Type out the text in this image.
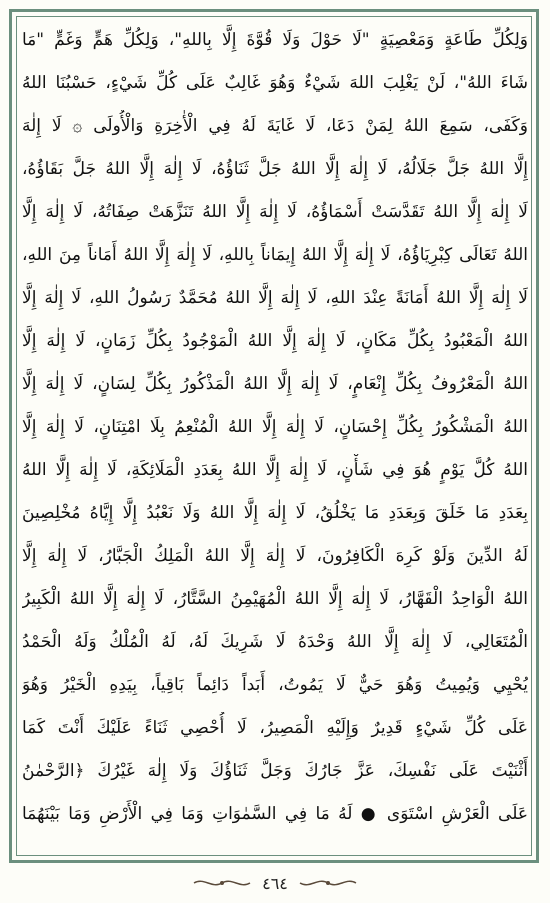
وَلِكُلِّ طَاعَةٍ وَمَعْصِيَةٍ "لَا حَوْلَ وَلَا قُوَّةَ إِلَّا بِاللهِ"، وَلِكُلِّ هَمٍّ وَغَمٍّ "مَا
شَاءَ اللهُ"، لَنْ يَغْلِبَ اللهَ شَيْءٌ وَهُوَ غَالِبٌ عَلَى كُلِّ شَيْءٍ، حَسْبُنَا اللهُ
وَكَفَى، سَمِعَ اللهُ لِمَنْ دَعَا، لَا غَايَةَ لَهُ فِي الْأٰخِرَةِ وَالْأُولَى ۞ لَا إِلٰهَ
إِلَّا اللهُ جَلَّ جَلَالُهُ، لَا إِلٰهَ إِلَّا اللهُ جَلَّ ثَنَاؤُهُ، لَا إِلٰهَ إِلَّا اللهُ جَلَّ بَقَاؤُهُ،
لَا إِلٰهَ إِلَّا اللهُ تَقَدَّسَتْ أَسْمَاؤُهُ، لَا إِلٰهَ إِلَّا اللهُ تَنَزَّهَتْ صِفَاتُهُ، لَا إِلٰهَ إِلَّا
اللهُ تَعَالَى كِبْرِيَاؤُهُ، لَا إِلٰهَ إِلَّا اللهُ إِيمَاناً بِاللهِ، لَا إِلٰهَ إِلَّا اللهُ أَمَاناً مِنَ اللهِ،
لَا إِلٰهَ إِلَّا اللهُ أَمَانَةً عِنْدَ اللهِ، لَا إِلٰهَ إِلَّا اللهُ مُحَمَّدٌ رَسُولُ اللهِ، لَا إِلٰهَ إِلَّا
اللهُ الْمَعْبُودُ بِكُلِّ مَكَانٍ، لَا إِلٰهَ إِلَّا اللهُ الْمَوْجُودُ بِكُلِّ زَمَانٍ، لَا إِلٰهَ إِلَّا
اللهُ الْمَعْرُوفُ بِكُلِّ إِنْعَامٍ، لَا إِلٰهَ إِلَّا اللهُ الْمَذْكُورُ بِكُلِّ لِسَانٍ، لَا إِلٰهَ إِلَّا
اللهُ الْمَشْكُورُ بِكُلِّ إِحْسَانٍ، لَا إِلٰهَ إِلَّا اللهُ الْمُنْعِمُ بِلَا امْتِنَانٍ، لَا إِلٰهَ إِلَّا
اللهُ كُلَّ يَوْمٍ هُوَ فِي شَأْنٍ، لَا إِلٰهَ إِلَّا اللهُ بِعَدَدِ الْمَلَائِكَةِ، لَا إِلٰهَ إِلَّا اللهُ
بِعَدَدِ مَا خَلَقَ وَبِعَدَدِ مَا يَخْلُقُ، لَا إِلٰهَ إِلَّا اللهُ وَلَا نَعْبُدُ إِلَّا إِيَّاهُ مُخْلِصِينَ
لَهُ الدِّينَ وَلَوْ كَرِهَ الْكَافِرُونَ، لَا إِلٰهَ إِلَّا اللهُ الْمَلِكُ الْجَبَّارُ، لَا إِلٰهَ إِلَّا
اللهُ الْوَاحِدُ الْقَهَّارُ، لَا إِلٰهَ إِلَّا اللهُ الْمُهَيْمِنُ السَّتَّارُ، لَا إِلٰهَ إِلَّا اللهُ الْكَبِيرُ
الْمُتَعَالِي، لَا إِلٰهَ إِلَّا اللهُ وَحْدَهُ لَا شَرِيكَ لَهُ، لَهُ الْمُلْكُ وَلَهُ الْحَمْدُ
يُحْيِي وَيُمِيتُ وَهُوَ حَيٌّ لَا يَمُوتُ، أَبَداً دَائِماً بَاقِياً، بِيَدِهِ الْخَيْرُ وَهُوَ
عَلَى كُلِّ شَيْءٍ قَدِيرٌ وَإِلَيْهِ الْمَصِيرُ، لَا أُحْصِي ثَنَاءً عَلَيْكَ أَنْتَ كَمَا
أَثْنَيْتَ عَلَى نَفْسِكَ، عَزَّ جَارُكَ وَجَلَّ ثَنَاؤُكَ وَلَا إِلٰهَ غَيْرُكَ ﴿الرَّحْمٰنُ
عَلَى الْعَرْشِ اسْتَوَى ● لَهُ مَا فِي السَّمٰوَاتِ وَمَا فِي الْأَرْضِ وَمَا بَيْنَهُمَا
٤٦٤
